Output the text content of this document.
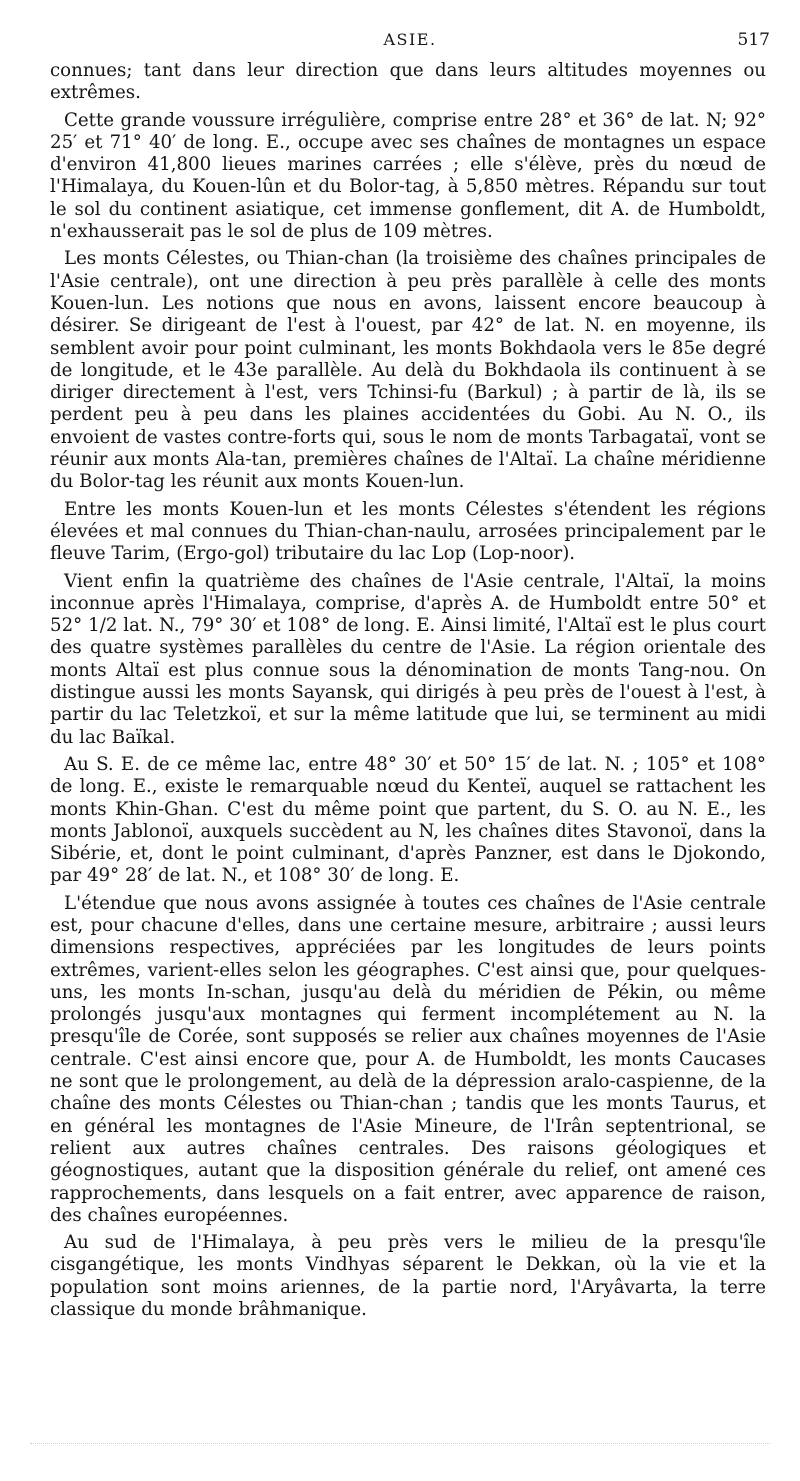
ASIE.	517

connues; tant dans leur direction que dans leurs altitudes moyennes ou extrêmes.

Cette grande voussure irrégulière, comprise entre 28° et 36° de lat. N; 92° 25′ et 71° 40′ de long. E., occupe avec ses chaînes de montagnes un espace d'environ 41,800 lieues marines carrées ; elle s'élève, près du nœud de l'Himalaya, du Kouen-lûn et du Bolor-tag, à 5,850 mètres. Répandu sur tout le sol du continent asiatique, cet immense gonflement, dit A. de Humboldt, n'exhausserait pas le sol de plus de 109 mètres.

Les monts Célestes, ou Thian-chan (la troisième des chaînes principales de l'Asie centrale), ont une direction à peu près parallèle à celle des monts Kouen-lun. Les notions que nous en avons, laissent encore beaucoup à désirer. Se dirigeant de l'est à l'ouest, par 42° de lat. N. en moyenne, ils semblent avoir pour point culminant, les monts Bokhdaola vers le 85e degré de longitude, et le 43e parallèle. Au delà du Bokhdaola ils continuent à se diriger directement à l'est, vers Tchinsi-fu (Barkul) ; à partir de là, ils se perdent peu à peu dans les plaines accidentées du Gobi. Au N. O., ils envoient de vastes contre-forts qui, sous le nom de monts Tarbagataï, vont se réunir aux monts Ala-tan, premières chaînes de l'Altaï. La chaîne méridienne du Bolor-tag les réunit aux monts Kouen-lun.

Entre les monts Kouen-lun et les monts Célestes s'étendent les régions élevées et mal connues du Thian-chan-naulu, arrosées principalement par le fleuve Tarim, (Ergo-gol) tributaire du lac Lop (Lop-noor).

Vient enfin la quatrième des chaînes de l'Asie centrale, l'Altaï, la moins inconnue après l'Himalaya, comprise, d'après A. de Humboldt entre 50° et 52° 1/2 lat. N., 79° 30′ et 108° de long. E. Ainsi limité, l'Altaï est le plus court des quatre systèmes parallèles du centre de l'Asie. La région orientale des monts Altaï est plus connue sous la dénomination de monts Tang-nou. On distingue aussi les monts Sayansk, qui dirigés à peu près de l'ouest à l'est, à partir du lac Teletzkoï, et sur la même latitude que lui, se terminent au midi du lac Baïkal.

Au S. E. de ce même lac, entre 48° 30′ et 50° 15′ de lat. N. ; 105° et 108° de long. E., existe le remarquable nœud du Kenteï, auquel se rattachent les monts Khin-Ghan. C'est du même point que partent, du S. O. au N. E., les monts Jablonoï, auxquels succèdent au N, les chaînes dites Stavonoï, dans la Sibérie, et, dont le point culminant, d'après Panzner, est dans le Djokondo, par 49° 28′ de lat. N., et 108° 30′ de long. E.

L'étendue que nous avons assignée à toutes ces chaînes de l'Asie centrale est, pour chacune d'elles, dans une certaine mesure, arbitraire ; aussi leurs dimensions respectives, appréciées par les longitudes de leurs points extrêmes, varient-elles selon les géographes. C'est ainsi que, pour quelques-uns, les monts In-schan, jusqu'au delà du méridien de Pékin, ou même prolongés jusqu'aux montagnes qui ferment incomplétement au N. la presqu'île de Corée, sont supposés se relier aux chaînes moyennes de l'Asie centrale. C'est ainsi encore que, pour A. de Humboldt, les monts Caucases ne sont que le prolongement, au delà de la dépression aralo-caspienne, de la chaîne des monts Célestes ou Thian-chan ; tandis que les monts Taurus, et en général les montagnes de l'Asie Mineure, de l'Irân septentrional, se relient aux autres chaînes centrales. Des raisons géologiques et géognostiques, autant que la disposition générale du relief, ont amené ces rapprochements, dans lesquels on a fait entrer, avec apparence de raison, des chaînes européennes.

Au sud de l'Himalaya, à peu près vers le milieu de la presqu'île cisgangétique, les monts Vindhyas séparent le Dekkan, où la vie et la population sont moins ariennes, de la partie nord, l'Aryâvarta, la terre classique du monde brâhmanique.
